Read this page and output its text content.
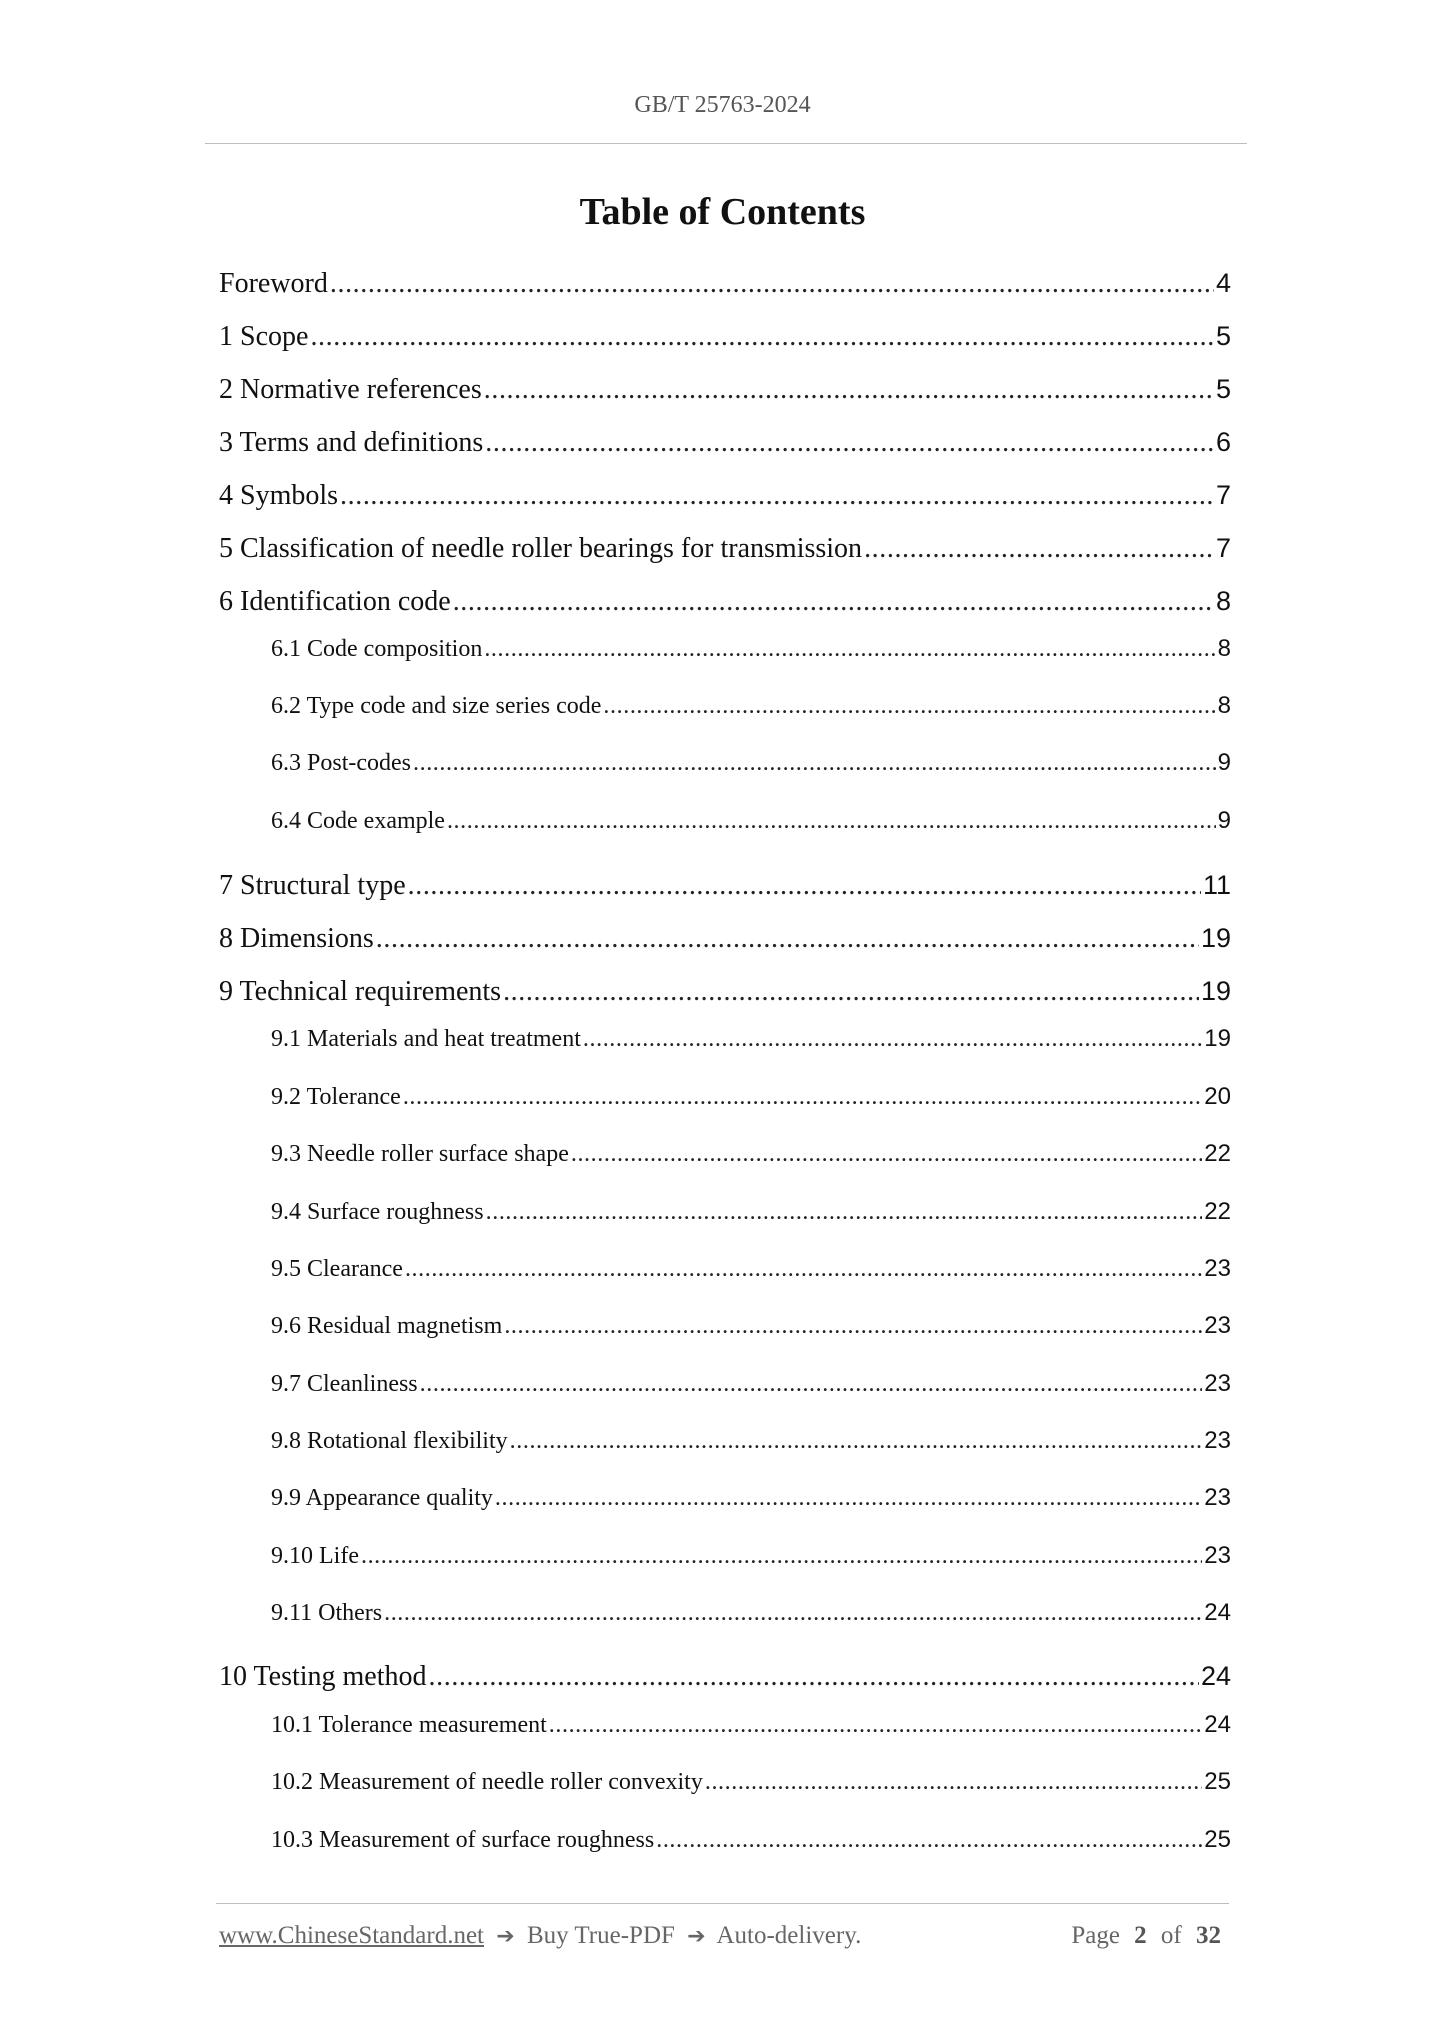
GB/T 25763-2024
Table of Contents
Foreword .....	4
1 Scope .....	5
2 Normative references .....	5
3 Terms and definitions .....	6
4 Symbols .....	7
5 Classification of needle roller bearings for transmission .....	7
6 Identification code .....	8
6.1 Code composition .....	8
6.2 Type code and size series code .....	8
6.3 Post-codes .....	9
6.4 Code example .....	9
7 Structural type .....	11
8 Dimensions .....	19
9 Technical requirements .....	19
9.1 Materials and heat treatment .....	19
9.2 Tolerance .....	20
9.3 Needle roller surface shape .....	22
9.4 Surface roughness .....	22
9.5 Clearance .....	23
9.6 Residual magnetism .....	23
9.7 Cleanliness .....	23
9.8 Rotational flexibility .....	23
9.9 Appearance quality .....	23
9.10 Life .....	23
9.11 Others .....	24
10 Testing method .....	24
10.1 Tolerance measurement .....	24
10.2 Measurement of needle roller convexity .....	25
10.3 Measurement of surface roughness .....	25
www.ChineseStandard.net ➔ Buy True-PDF ➔ Auto-delivery.	Page 2 of 32
